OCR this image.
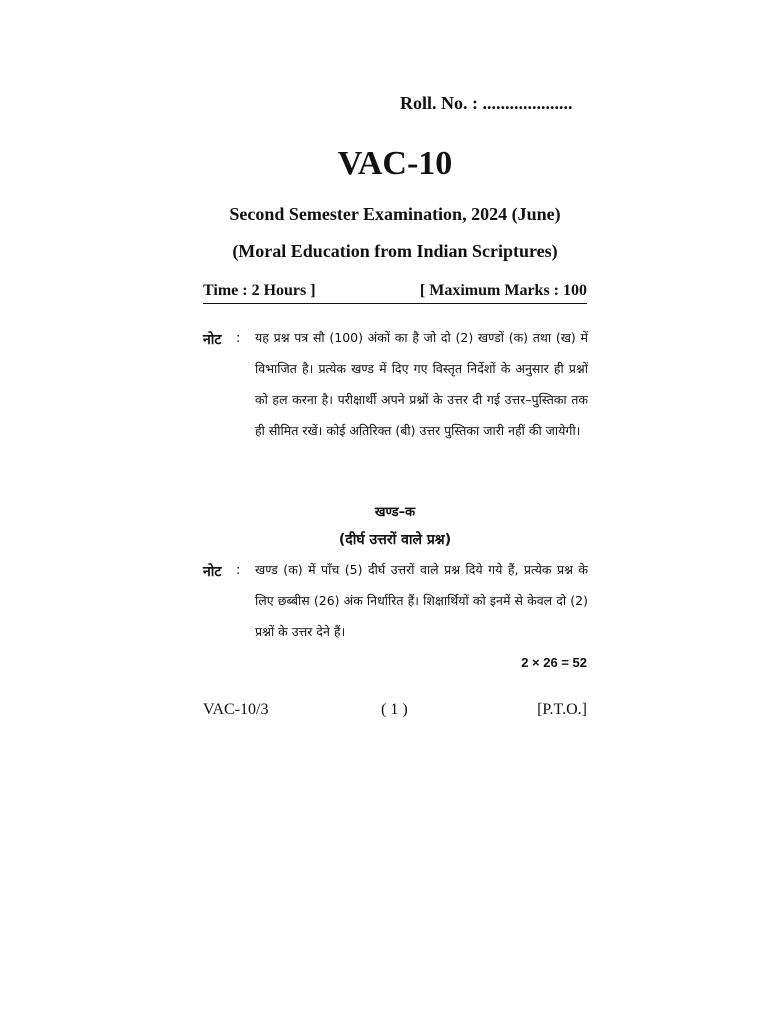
Roll. No. : ....................
VAC-10
Second Semester Examination, 2024 (June)
(Moral Education from Indian Scriptures)
Time : 2 Hours ]	[ Maximum Marks : 100
नोट : यह प्रश्न पत्र सौ (100) अंकों का है जो दो (2) खण्डों (क) तथा (ख) में विभाजित है। प्रत्येक खण्ड में दिए गए विस्तृत निर्देशों के अनुसार ही प्रश्नों को हल करना है। परीक्षार्थी अपने प्रश्नों के उत्तर दी गई उत्तर–पुस्तिका तक ही सीमित रखें। कोई अतिरिक्त (बी) उत्तर पुस्तिका जारी नहीं की जायेगी।
खण्ड–क
(दीर्घ उत्तरों वाले प्रश्न)
नोट : खण्ड (क) में पाँच (5) दीर्घ उत्तरों वाले प्रश्न दिये गये हैं, प्रत्येक प्रश्न के लिए छब्बीस (26) अंक निर्धारित हैं। शिक्षार्थियों को इनमें से केवल दो (2) प्रश्नों के उत्तर देने हैं।
2 × 26 = 52
VAC-10/3	( 1 )	[P.T.O.]
